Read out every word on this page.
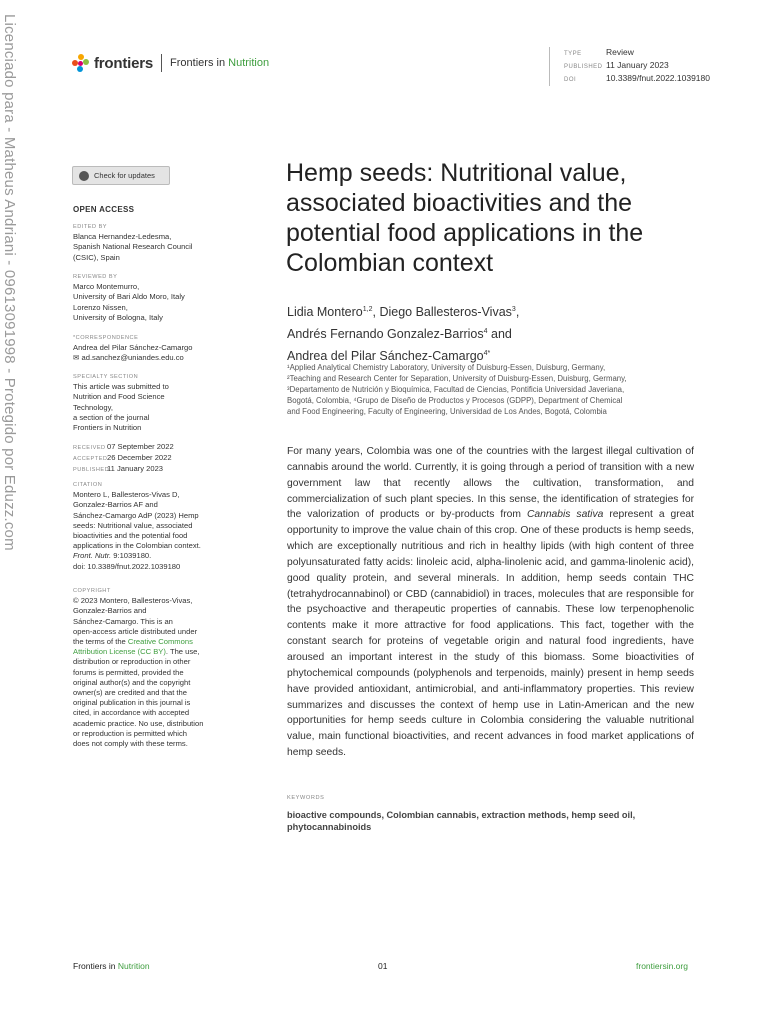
Licenciado para - Matheus Andriani - 09613091998 - Protegido por Eduzz.com	frontiers Frontiers in Nutrition
TYPE	Review
PUBLISHED 11 January 2023
DOI	10.3389/fnut.2022.1039180
Check for updates
OPEN ACCESS
EDITED BY
Blanca Hernandez-Ledesma,
Spanish National Research Council
(CSIC), Spain
REVIEWED BY
Marco Montemurro,
University of Bari Aldo Moro, Italy
Lorenzo Nissen,
University of Bologna, Italy
*CORRESPONDENCE
Andrea del Pilar Sánchez-Camargo
✉ ad.sanchez@uniandes.edu.co
SPECIALTY SECTION
This article was submitted to
Nutrition and Food Science
Technology,
a section of the journal
Frontiers in Nutrition
RECEIVED07 September 2022
ACCEPTED26 December 2022
PUBLISHED11 January 2023
CITATION
Montero L, Ballesteros-Vivas D,
Gonzalez-Barrios AF and
Sánchez-Camargo AdP (2023) Hemp
seeds: Nutritional value, associated
bioactivities and the potential food
applications in the Colombian context.
Front. Nutr. 9:1039180.
doi: 10.3389/fnut.2022.1039180
COPYRIGHT
© 2023 Montero, Ballesteros-Vivas,
Gonzalez-Barrios and
Sánchez-Camargo. This is an
open-access article distributed under
the terms of the Creative Commons
Attribution License (CC BY). The use,
distribution or reproduction in other
forums is permitted, provided the
original author(s) and the copyright
owner(s) are credited and that the
original publication in this journal is
cited, in accordance with accepted
academic practice. No use, distribution
or reproduction is permitted which
does not comply with these terms.
Hemp seeds: Nutritional value, associated bioactivities and the potential food applications in the Colombian context
Lidia Montero$^{1,2}$, Diego Ballesteros-Vivas$^3$,
Andrés Fernando Gonzalez-Barrios$^4$ and
Andrea del Pilar Sánchez-Camargo$^{4*}$
¹Applied Analytical Chemistry Laboratory, University of Duisburg-Essen, Duisburg, Germany,
²Teaching and Research Center for Separation, University of Duisburg-Essen, Duisburg, Germany,
³Departamento de Nutrición y Bioquímica, Facultad de Ciencias, Pontificia Universidad Javeriana,
Bogotá, Colombia, ⁴Grupo de Diseño de Productos y Procesos (GDPP), Department of Chemical
and Food Engineering, Faculty of Engineering, Universidad de Los Andes, Bogotá, Colombia
For many years, Colombia was one of the countries with the largest illegal cultivation of cannabis around the world. Currently, it is going through a period of transition with a new government law that recently allows the cultivation, transformation, and commercialization of such plant species. In this sense, the identification of strategies for the valorization of products or by-products from Cannabis sativa represent a great opportunity to improve the value chain of this crop. One of these products is hemp seeds, which are exceptionally nutritious and rich in healthy lipids (with high content of three polyunsaturated fatty acids: linoleic acid, alpha-linolenic acid, and gamma-linolenic acid), good quality protein, and several minerals. In addition, hemp seeds contain THC (tetrahydrocannabinol) or CBD (cannabidiol) in traces, molecules that are responsible for the psychoactive and therapeutic properties of cannabis. These low terpenophenolic contents make it more attractive for food applications. This fact, together with the constant search for proteins of vegetable origin and natural food ingredients, have aroused an important interest in the study of this biomass. Some bioactivities of phytochemical compounds (polyphenols and terpenoids, mainly) present in hemp seeds have provided antioxidant, antimicrobial, and anti-inflammatory properties. This review summarizes and discusses the context of hemp use in Latin-American and the new opportunities for hemp seeds culture in Colombia considering the valuable nutritional value, main functional bioactivities, and recent advances in food market applications of hemp seeds.
KEYWORDS
bioactive compounds, Colombian cannabis, extraction methods, hemp seed oil, phytocannabinoids
Frontiers in Nutrition	01	frontiersin.org
